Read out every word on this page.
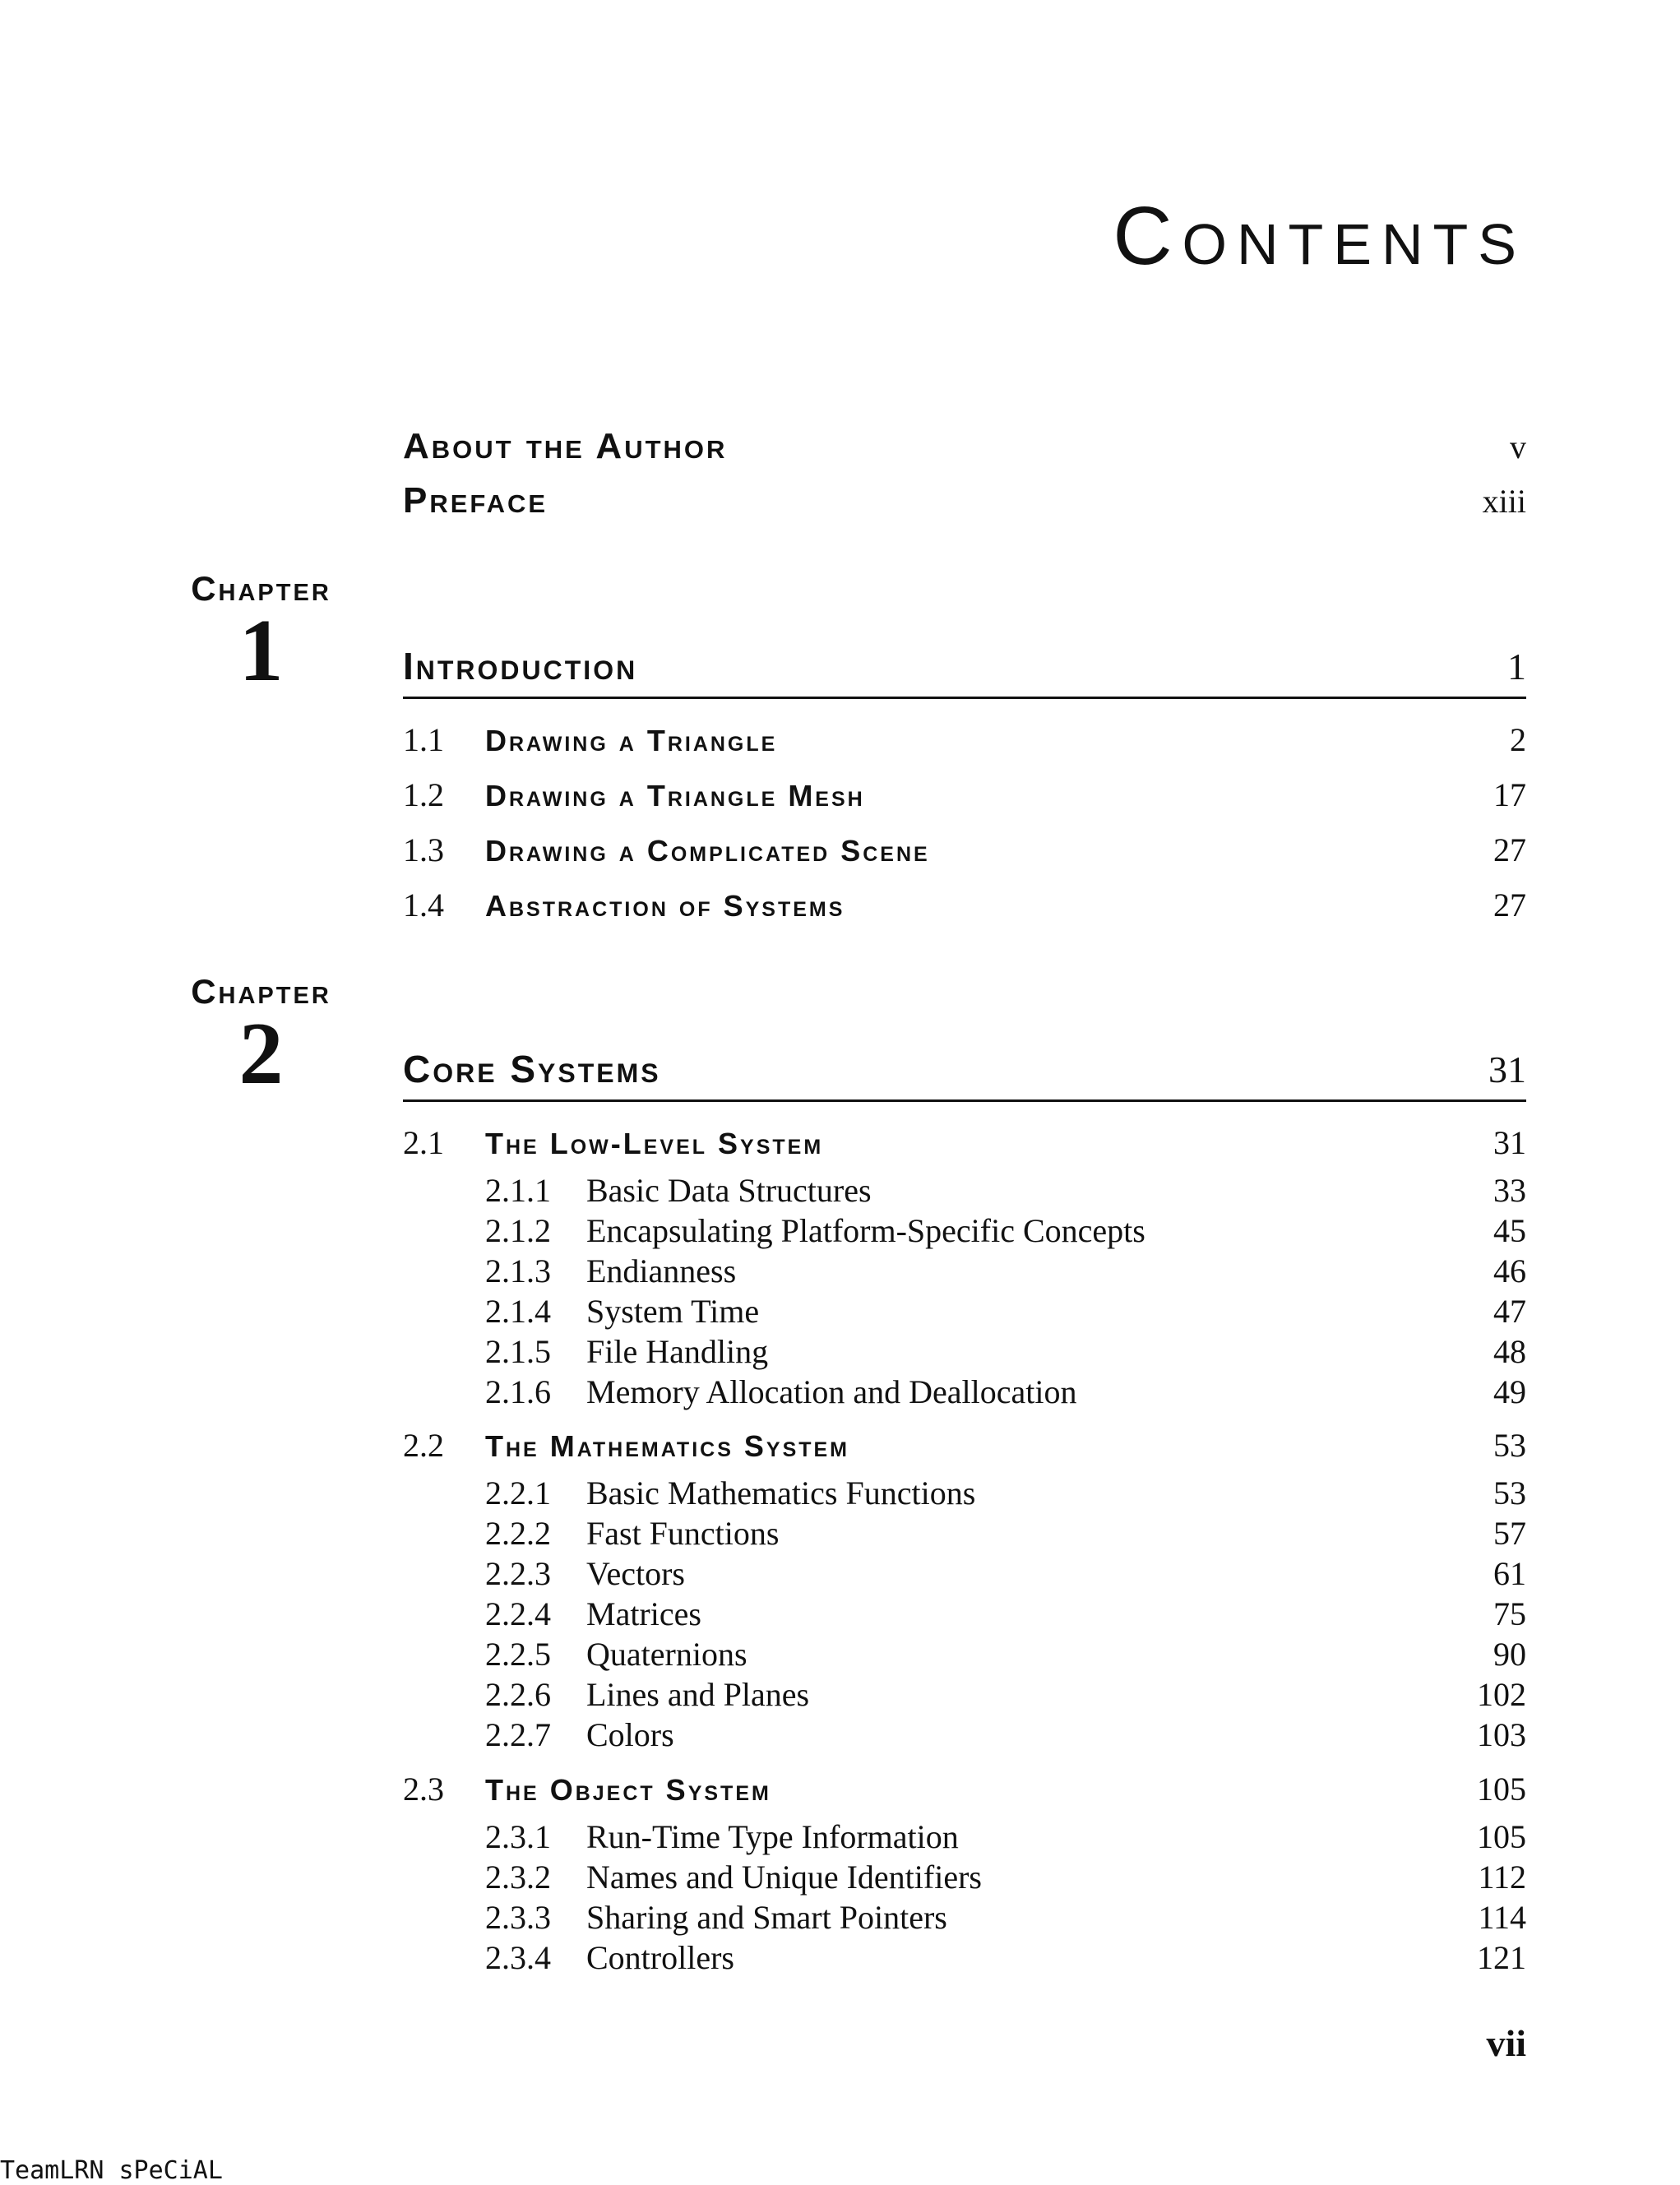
Contents
About the Author	v
Preface	xiii
Chapter
1	Introduction	1
1.1	Drawing a Triangle	2
1.2	Drawing a Triangle Mesh	17
1.3	Drawing a Complicated Scene	27
1.4	Abstraction of Systems	27
Chapter
2	Core Systems	31
2.1	The Low-Level System	31
2.1.1	Basic Data Structures	33
2.1.2	Encapsulating Platform-Specific Concepts	45
2.1.3	Endianness	46
2.1.4	System Time	47
2.1.5	File Handling	48
2.1.6	Memory Allocation and Deallocation	49
2.2	The Mathematics System	53
2.2.1	Basic Mathematics Functions	53
2.2.2	Fast Functions	57
2.2.3	Vectors	61
2.2.4	Matrices	75
2.2.5	Quaternions	90
2.2.6	Lines and Planes	102
2.2.7	Colors	103
2.3	The Object System	105
2.3.1	Run-Time Type Information	105
2.3.2	Names and Unique Identifiers	112
2.3.3	Sharing and Smart Pointers	114
2.3.4	Controllers	121
vii
TeamLRN sPeCiAL
